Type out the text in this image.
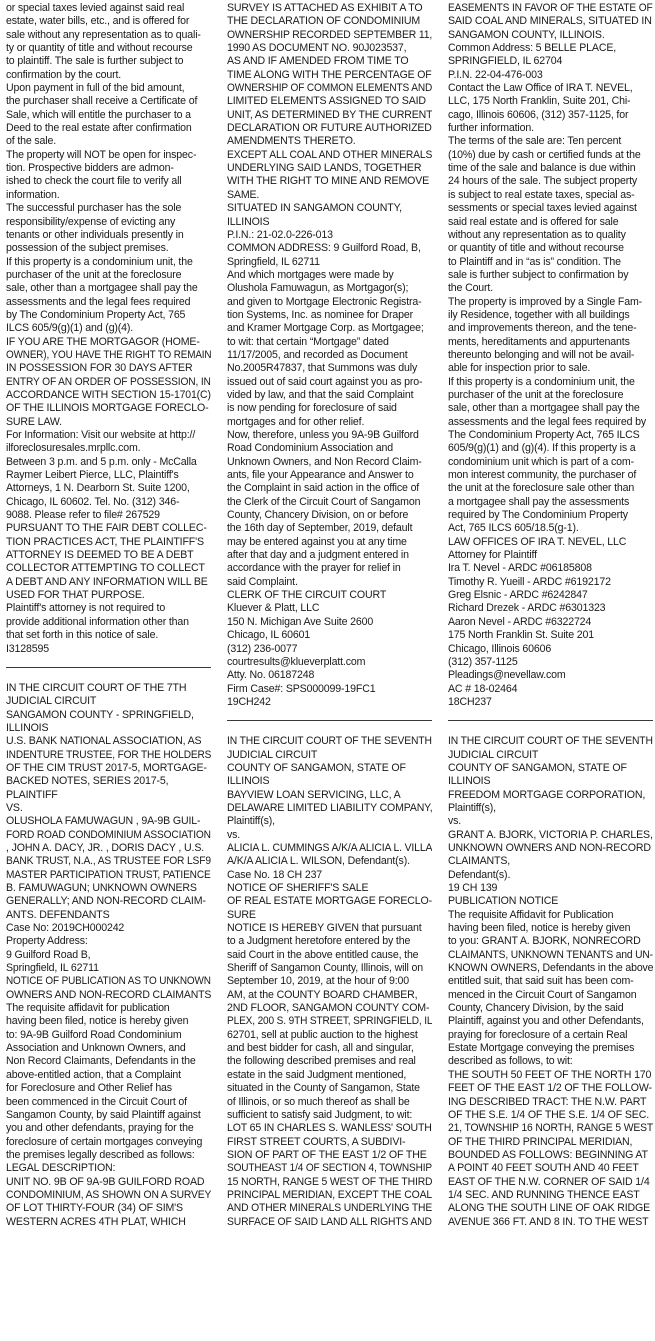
or special taxes levied against said real
estate, water bills, etc., and is offered for
sale without any representation as to quali-
ty or quantity of title and without recourse
to plaintiff. The sale is further subject to
confirmation by the court.
Upon payment in full of the bid amount,
the purchaser shall receive a Certificate of
Sale, which will entitle the purchaser to a
Deed to the real estate after confirmation
of the sale.
The property will NOT be open for inspec-
tion. Prospective bidders are admon-
ished to check the court file to verify all
information.
The successful purchaser has the sole
responsibility/expense of evicting any
tenants or other individuals presently in
possession of the subject premises.
If this property is a condominium unit, the
purchaser of the unit at the foreclosure
sale, other than a mortgagee shall pay the
assessments and the legal fees required
by The Condominium Property Act, 765
ILCS 605/9(g)(1) and (g)(4).
IF YOU ARE THE MORTGAGOR (HOME-
OWNER), YOU HAVE THE RIGHT TO REMAIN
IN POSSESSION FOR 30 DAYS AFTER
ENTRY OF AN ORDER OF POSSESSION, IN
ACCORDANCE WITH SECTION 15-1701(C)
OF THE ILLINOIS MORTGAGE FORECLO-
SURE LAW.
For Information: Visit our website at http://
ilforeclosuresales.mrpllc.com.
Between 3 p.m. and 5 p.m. only - McCalla
Raymer Leibert Pierce, LLC, Plaintiff's
Attorneys, 1 N. Dearborn St. Suite 1200,
Chicago, IL 60602. Tel. No. (312) 346-
9088. Please refer to file# 267529
PURSUANT TO THE FAIR DEBT COLLEC-
TION PRACTICES ACT, THE PLAINTIFF'S
ATTORNEY IS DEEMED TO BE A DEBT
COLLECTOR ATTEMPTING TO COLLECT
A DEBT AND ANY INFORMATION WILL BE
USED FOR THAT PURPOSE.
Plaintiff's attorney is not required to
provide additional information other than
that set forth in this notice of sale.
I3128595
IN THE CIRCUIT COURT OF THE 7TH
JUDICIAL CIRCUIT
SANGAMON COUNTY - SPRINGFIELD,
ILLINOIS
U.S. BANK NATIONAL ASSOCIATION, AS
INDENTURE TRUSTEE, FOR THE HOLDERS
OF THE CIM TRUST 2017-5, MORTGAGE-
BACKED NOTES, SERIES 2017-5,
PLAINTIFF
VS.
OLUSHOLA FAMUWAGUN , 9A-9B GUIL-
FORD ROAD CONDOMINIUM ASSOCIATION
, JOHN A. DACY, JR. , DORIS DACY , U.S.
BANK TRUST, N.A., AS TRUSTEE FOR LSF9
MASTER PARTICIPATION TRUST, PATIENCE
B. FAMUWAGUN; UNKNOWN OWNERS
GENERALLY; AND NON-RECORD CLAIM-
ANTS. DEFENDANTS
Case No: 2019CH000242
Property Address:
9 Guilford Road B,
Springfield, IL 62711
NOTICE OF PUBLICATION AS TO UNKNOWN
OWNERS AND NON-RECORD CLAIMANTS
The requisite affidavit for publication
having been filed, notice is hereby given
to: 9A-9B Guilford Road Condominium
Association and Unknown Owners, and
Non Record Claimants, Defendants in the
above-entitled action, that a Complaint
for Foreclosure and Other Relief has
been commenced in the Circuit Court of
Sangamon County, by said Plaintiff against
you and other defendants, praying for the
foreclosure of certain mortgages conveying
the premises legally described as follows:
LEGAL DESCRIPTION:
UNIT NO. 9B OF 9A-9B GUILFORD ROAD
CONDOMINIUM, AS SHOWN ON A SURVEY
OF LOT THIRTY-FOUR (34) OF SIM'S
WESTERN ACRES 4TH PLAT, WHICH
SURVEY IS ATTACHED AS EXHIBIT A TO
THE DECLARATION OF CONDOMINIUM
OWNERSHIP RECORDED SEPTEMBER 11,
1990 AS DOCUMENT NO. 90J023537,
AS AND IF AMENDED FROM TIME TO
TIME ALONG WITH THE PERCENTAGE OF
OWNERSHIP OF COMMON ELEMENTS AND
LIMITED ELEMENTS ASSIGNED TO SAID
UNIT, AS DETERMINED BY THE CURRENT
DECLARATION OR FUTURE AUTHORIZED
AMENDMENTS THERETO.
EXCEPT ALL COAL AND OTHER MINERALS
UNDERLYING SAID LANDS, TOGETHER
WITH THE RIGHT TO MINE AND REMOVE
SAME.
SITUATED IN SANGAMON COUNTY,
ILLINOIS
P.I.N.: 21-02.0-226-013
COMMON ADDRESS: 9 Guilford Road, B,
Springfield, IL 62711
And which mortgages were made by
Olushola Famuwagun, as Mortgagor(s);
and given to Mortgage Electronic Registra-
tion Systems, Inc. as nominee for Draper
and Kramer Mortgage Corp. as Mortgagee;
to wit: that certain “Mortgage” dated
11/17/2005, and recorded as Document
No.2005R47837, that Summons was duly
issued out of said court against you as pro-
vided by law, and that the said Complaint
is now pending for foreclosure of said
mortgages and for other relief.
Now, therefore, unless you 9A-9B Guilford
Road Condominium Association and
Unknown Owners, and Non Record Claim-
ants, file your Appearance and Answer to
the Complaint in said action in the office of
the Clerk of the Circuit Court of Sangamon
County, Chancery Division, on or before
the 16th day of September, 2019, default
may be entered against you at any time
after that day and a judgment entered in
accordance with the prayer for relief in
said Complaint.
CLERK OF THE CIRCUIT COURT
Kluever & Platt, LLC
150 N. Michigan Ave Suite 2600
Chicago, IL 60601
(312) 236-0077
courtresults@klueverplatt.com
Atty. No. 06187248
Firm Case#: SPS000099-19FC1
19CH242
IN THE CIRCUIT COURT OF THE SEVENTH
JUDICIAL CIRCUIT
COUNTY OF SANGAMON, STATE OF
ILLINOIS
BAYVIEW LOAN SERVICING, LLC, A
DELAWARE LIMITED LIABILITY COMPANY,
Plaintiff(s),
vs.
ALICIA L. CUMMINGS A/K/A ALICIA L. VILLA
A/K/A ALICIA L. WILSON, Defendant(s).
Case No. 18 CH 237
NOTICE OF SHERIFF'S SALE
OF REAL ESTATE MORTGAGE FORECLO-
SURE
NOTICE IS HEREBY GIVEN that pursuant
to a Judgment heretofore entered by the
said Court in the above entitled cause, the
Sheriff of Sangamon County, Illinois, will on
September 10, 2019, at the hour of 9:00
AM, at the COUNTY BOARD CHAMBER,
2ND FLOOR, SANGAMON COUNTY COM-
PLEX, 200 S. 9TH STREET, SPRINGFIELD, IL
62701, sell at public auction to the highest
and best bidder for cash, all and singular,
the following described premises and real
estate in the said Judgment mentioned,
situated in the County of Sangamon, State
of Illinois, or so much thereof as shall be
sufficient to satisfy said Judgment, to wit:
LOT 65 IN CHARLES S. WANLESS' SOUTH
FIRST STREET COURTS, A SUBDIVI-
SION OF PART OF THE EAST 1/2 OF THE
SOUTHEAST 1/4 OF SECTION 4, TOWNSHIP
15 NORTH, RANGE 5 WEST OF THE THIRD
PRINCIPAL MERIDIAN, EXCEPT THE COAL
AND OTHER MINERALS UNDERLYING THE
SURFACE OF SAID LAND ALL RIGHTS AND
EASEMENTS IN FAVOR OF THE ESTATE OF
SAID COAL AND MINERALS, SITUATED IN
SANGAMON COUNTY, ILLINOIS.
Common Address: 5 BELLE PLACE,
SPRINGFIELD, IL 62704
P.I.N. 22-04-476-003
Contact the Law Office of IRA T. NEVEL,
LLC, 175 North Franklin, Suite 201, Chi-
cago, Illinois 60606, (312) 357-1125, for
further information.
The terms of the sale are: Ten percent
(10%) due by cash or certified funds at the
time of the sale and balance is due within
24 hours of the sale. The subject property
is subject to real estate taxes, special as-
sessments or special taxes levied against
said real estate and is offered for sale
without any representation as to quality
or quantity of title and without recourse
to Plaintiff and in “as is” condition. The
sale is further subject to confirmation by
the Court.
The property is improved by a Single Fam-
ily Residence, together with all buildings
and improvements thereon, and the tene-
ments, hereditaments and appurtenants
thereunto belonging and will not be avail-
able for inspection prior to sale.
If this property is a condominium unit, the
purchaser of the unit at the foreclosure
sale, other than a mortgagee shall pay the
assessments and the legal fees required by
The Condominium Property Act, 765 ILCS
605/9(g)(1) and (g)(4). If this property is a
condominium unit which is part of a com-
mon interest community, the purchaser of
the unit at the foreclosure sale other than
a mortgagee shall pay the assessments
required by The Condominium Property
Act, 765 ILCS 605/18.5(g-1).
LAW OFFICES OF IRA T. NEVEL, LLC
Attorney for Plaintiff
Ira T. Nevel - ARDC #06185808
Timothy R. Yueill - ARDC #6192172
Greg Elsnic - ARDC #6242847
Richard Drezek - ARDC #6301323
Aaron Nevel - ARDC #6322724
175 North Franklin St. Suite 201
Chicago, Illinois 60606
(312) 357-1125
Pleadings@nevellaw.com
AC # 18-02464
18CH237
IN THE CIRCUIT COURT OF THE SEVENTH
JUDICIAL CIRCUIT
COUNTY OF SANGAMON, STATE OF
ILLINOIS
FREEDOM MORTGAGE CORPORATION,
Plaintiff(s),
vs.
GRANT A. BJORK, VICTORIA P. CHARLES,
UNKNOWN OWNERS AND NON-RECORD
CLAIMANTS,
Defendant(s).
19 CH 139
PUBLICATION NOTICE
The requisite Affidavit for Publication
having been filed, notice is hereby given
to you: GRANT A. BJORK, NONRECORD
CLAIMANTS, UNKNOWN TENANTS and UN-
KNOWN OWNERS, Defendants in the above
entitled suit, that said suit has been com-
menced in the Circuit Court of Sangamon
County, Chancery Division, by the said
Plaintiff, against you and other Defendants,
praying for foreclosure of a certain Real
Estate Mortgage conveying the premises
described as follows, to wit:
THE SOUTH 50 FEET OF THE NORTH 170
FEET OF THE EAST 1/2 OF THE FOLLOW-
ING DESCRIBED TRACT: THE N.W. PART
OF THE S.E. 1/4 OF THE S.E. 1/4 OF SEC.
21, TOWNSHIP 16 NORTH, RANGE 5 WEST
OF THE THIRD PRINCIPAL MERIDIAN,
BOUNDED AS FOLLOWS: BEGINNING AT
A POINT 40 FEET SOUTH AND 40 FEET
EAST OF THE N.W. CORNER OF SAID 1/4
1/4 SEC. AND RUNNING THENCE EAST
ALONG THE SOUTH LINE OF OAK RIDGE
AVENUE 366 FT. AND 8 IN. TO THE WEST
